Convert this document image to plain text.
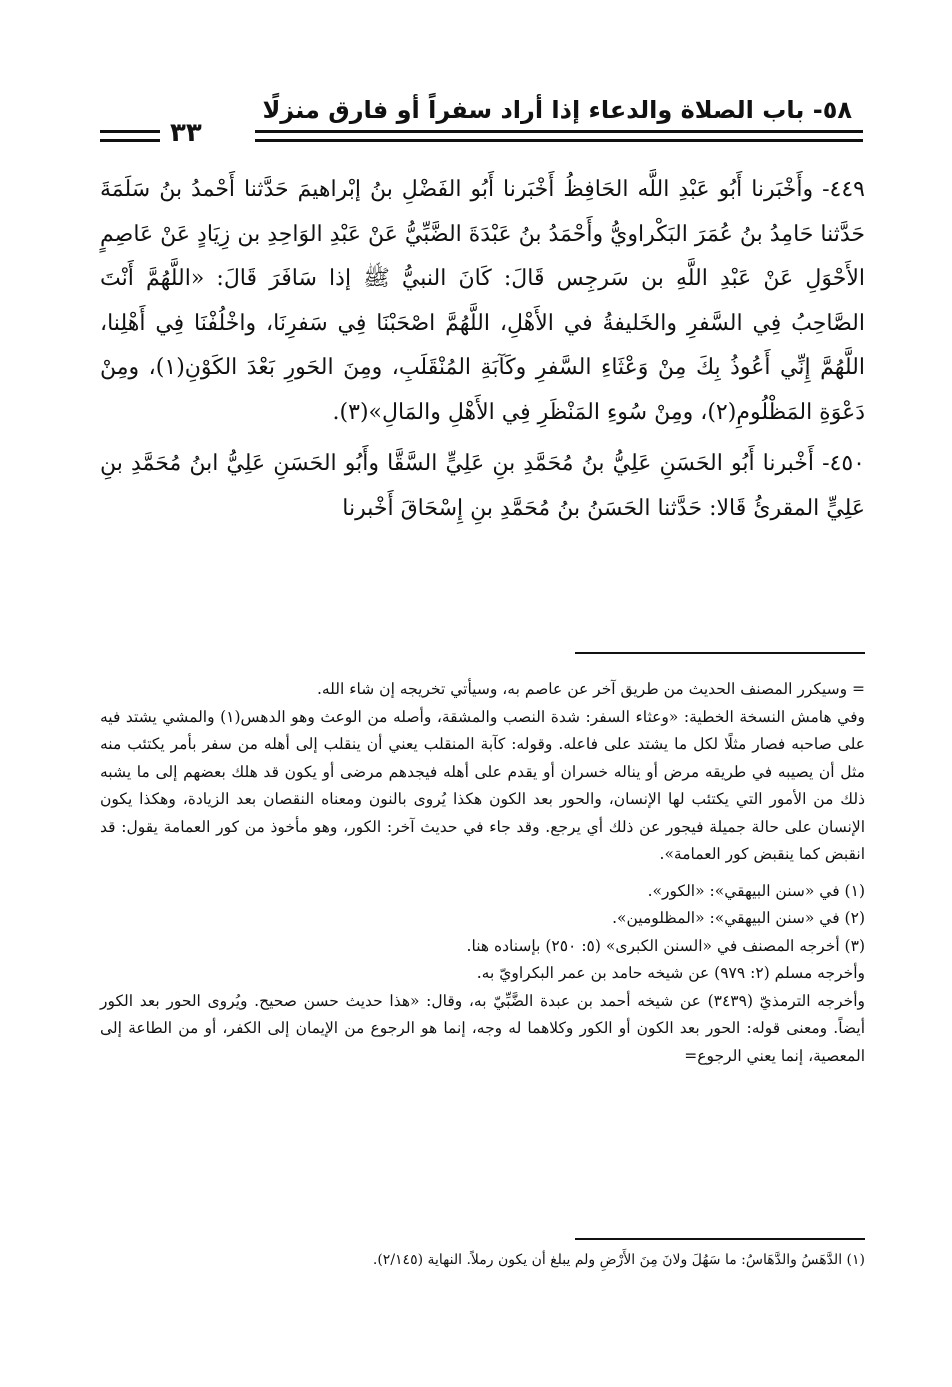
٥٨- باب الصلاة والدعاء إذا أراد سفراً أو فارق منزلًا
٣٣

٤٤٩- وأَخْبَرنا أَبُو عَبْدِ اللَّه الحَافِظُ أَخْبَرنا أَبُو الفَضْلِ بنُ إبْراهيمَ حَدَّثنا أَحْمدُ بنُ سَلَمَةَ حَدَّثنا حَامِدُ بنُ عُمَرَ البَكْراويُّ وأَحْمَدُ بنُ عَبْدَةَ الضَّبِّيُّ عَنْ عَبْدِ الوَاحِدِ بن زِيَادٍ عَنْ عَاصِمٍ الأَحْوَلِ عَنْ عَبْدِ اللَّهِ بن سَرجِس قَالَ: كَانَ النبيُّ ﷺ إذا سَافَرَ قَالَ: «اللَّهُمَّ أَنْتَ الصَّاحِبُ فِي السَّفرِ والخَليفةُ في الأَهْلِ، اللَّهُمَّ اصْحَبْنَا فِي سَفرِنَا، واخْلُفْنَا فِي أَهْلِنا، اللَّهُمَّ إِنِّي أَعُوذُ بِكَ مِنْ وَعْثَاءِ السَّفرِ وكَآبَةِ المُنْقَلَبِ، ومِنَ الحَورِ بَعْدَ الكَوْنِ(١)، ومِنْ دَعْوَةِ المَظْلُومِ(٢)، ومِنْ سُوءِ المَنْظَرِ فِي الأَهْلِ والمَالِ»(٣).

٤٥٠- أَخْبرنا أَبُو الحَسَنِ عَلِيُّ بنُ مُحَمَّدِ بنِ عَلِيٍّ السَّقَّا وأَبُو الحَسَنِ عَلِيُّ ابنُ مُحَمَّدِ بنِ عَلِيٍّ المقرئُ قَالا: حَدَّثنا الحَسَنُ بنُ مُحَمَّدِ بنِ إِسْحَاقَ أَخْبرنا

= وسيكرر المصنف الحديث من طريق آخر عن عاصم به، وسيأتي تخريجه إن شاء الله.

وفي هامش النسخة الخطية: «وعثاء السفر: شدة النصب والمشقة، وأصله من الوعث وهو الدهس(١) والمشي يشتد فيه على صاحبه فصار مثلًا لكل ما يشتد على فاعله. وقوله: كآبة المنقلب يعني أن ينقلب إلى أهله من سفر بأمر يكتئب منه مثل أن يصيبه في طريقه مرض أو يناله خسران أو يقدم على أهله فيجدهم مرضى أو يكون قد هلك بعضهم إلى ما يشبه ذلك من الأمور التي يكتئب لها الإنسان، والحور بعد الكون هكذا يُروى بالنون ومعناه النقصان بعد الزيادة، وهكذا يكون الإنسان على حالة جميلة فيجور عن ذلك أي يرجع. وقد جاء في حديث آخر: الكور، وهو مأخوذ من كور العمامة يقول: قد انقبض كما ينقبض كور العمامة».

(١) في «سنن البيهقي»: «الكور».

(٢) في «سنن البيهقي»: «المظلومين».

(٣) أخرجه المصنف في «السنن الكبرى» (٥: ٢٥٠) بإسناده هنا.

وأخرجه مسلم (٢: ٩٧٩) عن شيخه حامد بن عمر البكراويّ به.

وأخرجه الترمذيّ (٣٤٣٩) عن شيخه أحمد بن عبدة الضَّبِّيّ به، وقال: «هذا حديث حسن صحيح. ويُروى الحور بعد الكور أيضاً. ومعنى قوله: الحور بعد الكون أو الكور وكلاهما له وجه، إنما هو الرجوع من الإيمان إلى الكفر، أو من الطاعة إلى المعصية، إنما يعني الرجوع=

(١) الدَّهَسُ والدَّهَاسُ: ما سَهُلَ ولانَ مِنَ الأَرْضِ ولم يبلغ أن يكون رملاً. النهاية (٢/١٤٥).
